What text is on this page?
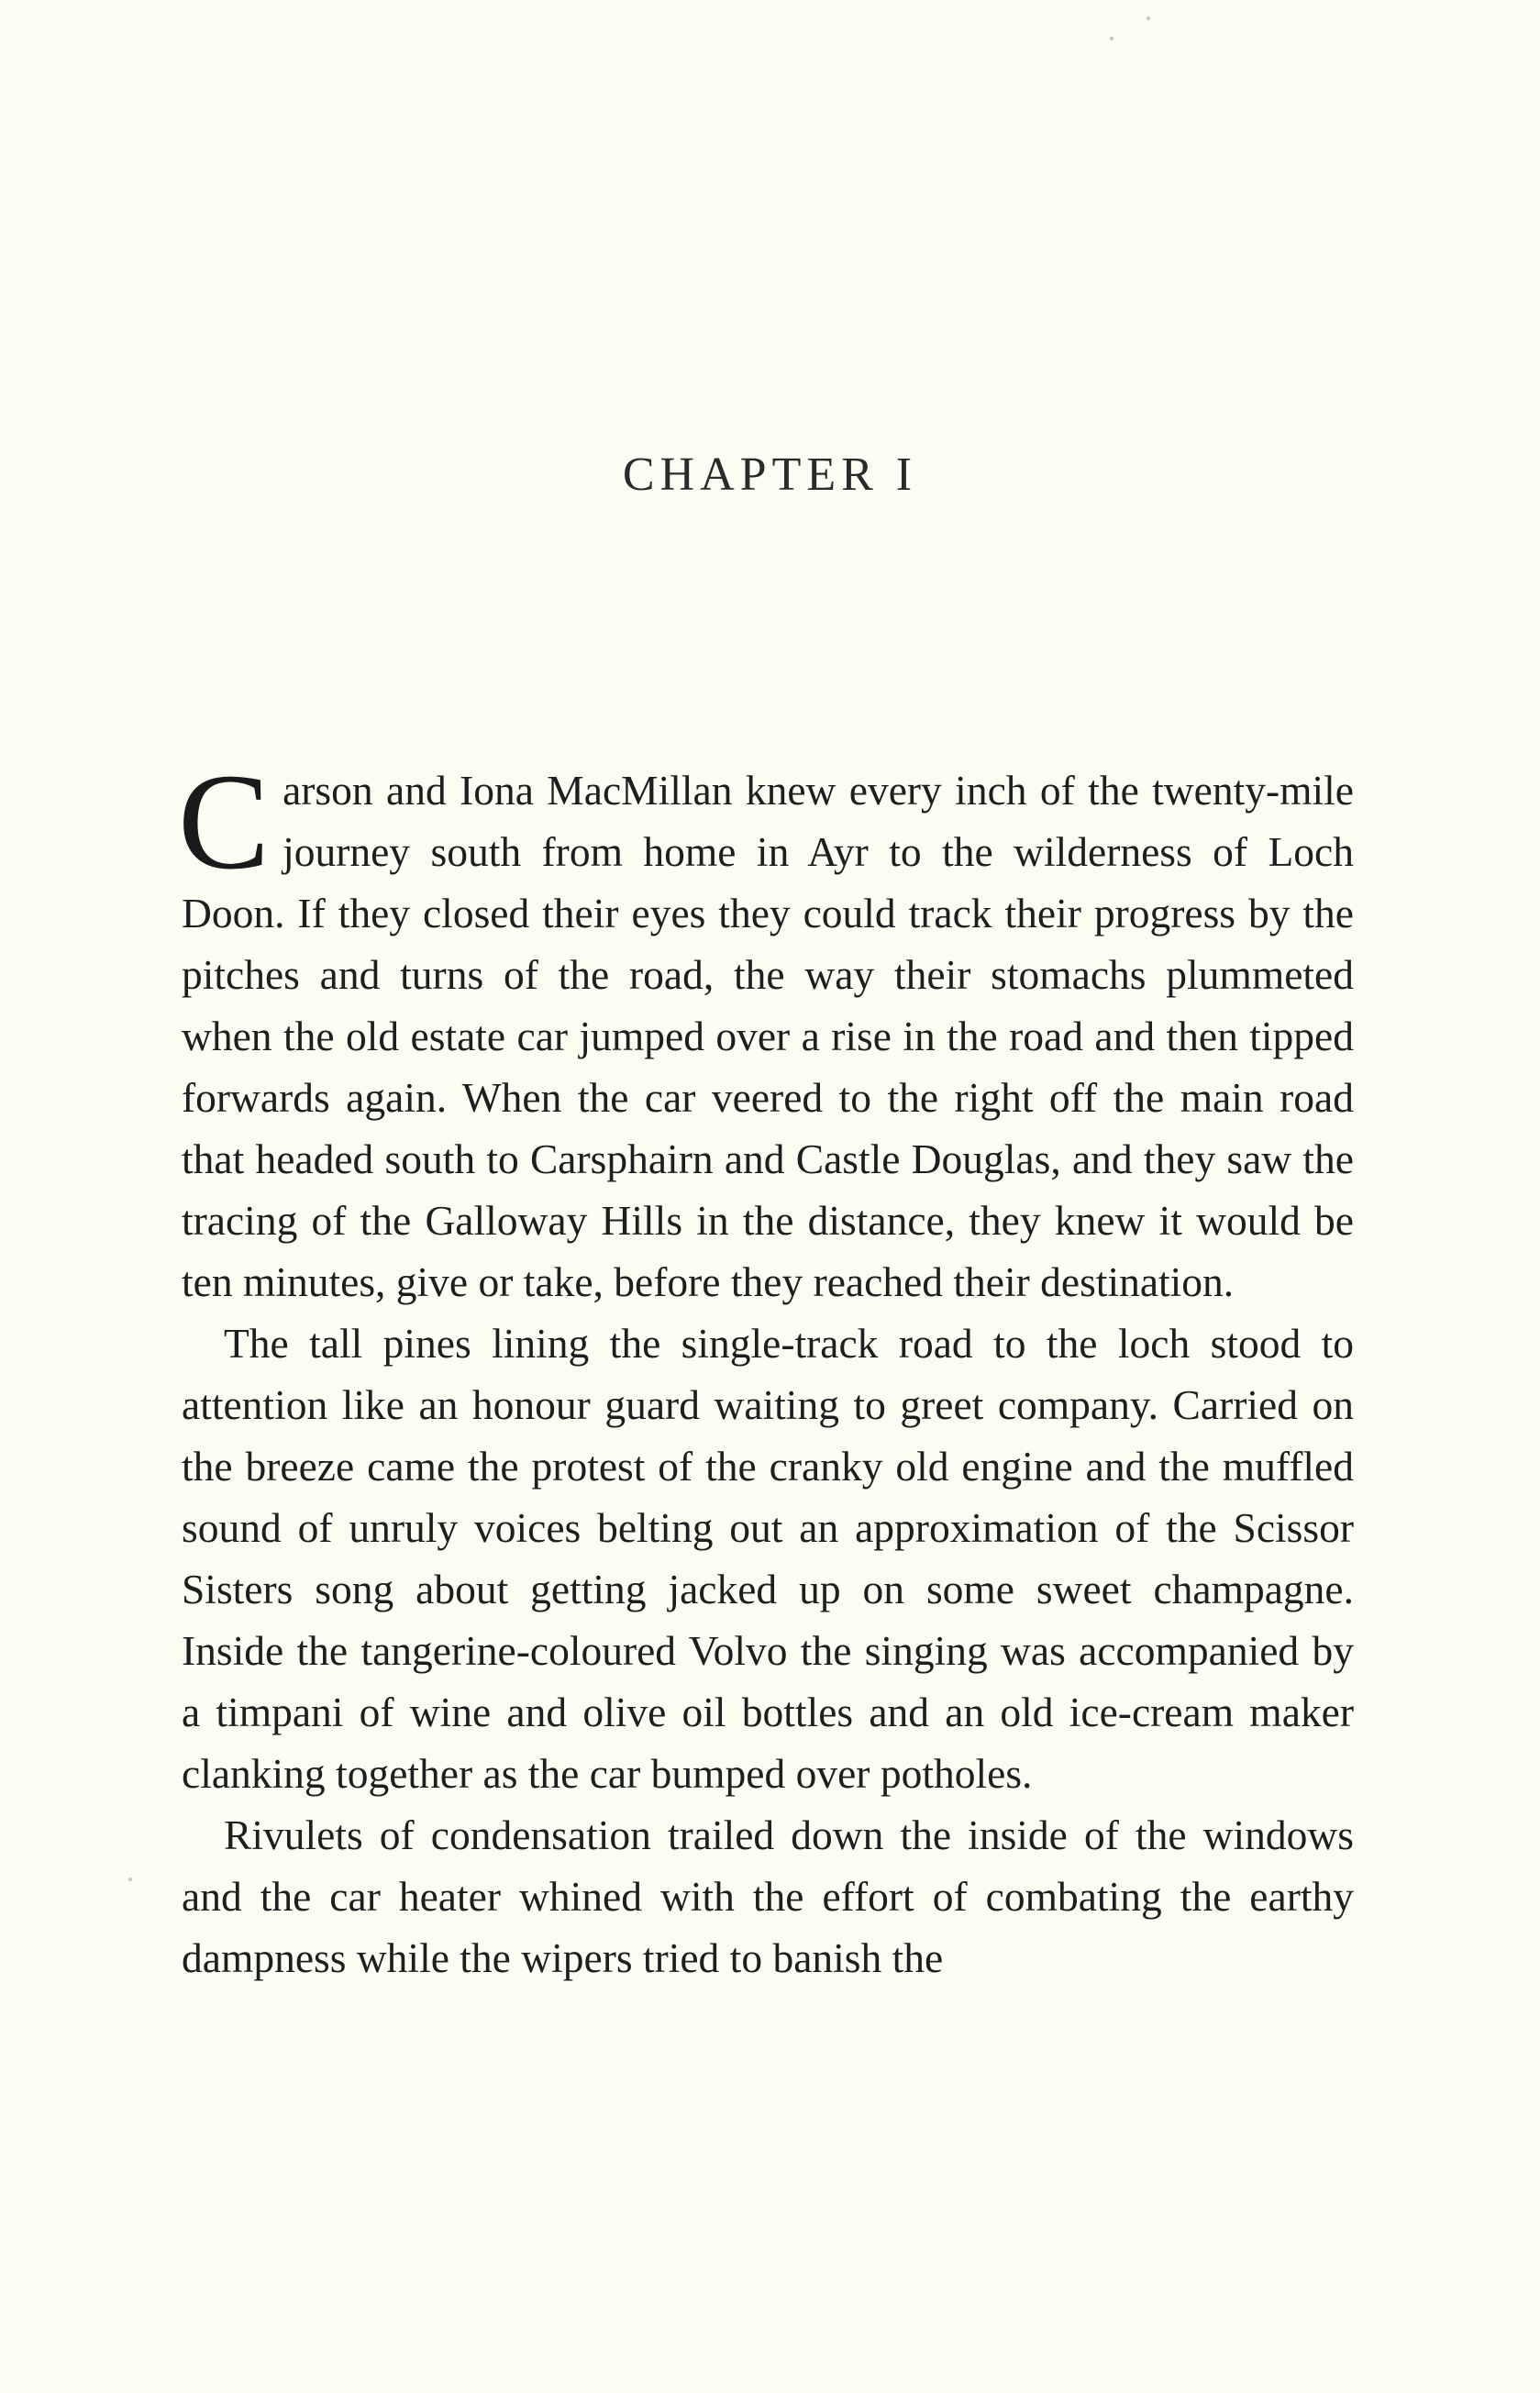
CHAPTER I

Carson and Iona MacMillan knew every inch of the twenty-mile journey south from home in Ayr to the wilderness of Loch Doon. If they closed their eyes they could track their progress by the pitches and turns of the road, the way their stomachs plummeted when the old estate car jumped over a rise in the road and then tipped forwards again. When the car veered to the right off the main road that headed south to Carsphairn and Castle Douglas, and they saw the tracing of the Galloway Hills in the distance, they knew it would be ten minutes, give or take, before they reached their destination.

The tall pines lining the single-track road to the loch stood to attention like an honour guard waiting to greet company. Carried on the breeze came the protest of the cranky old engine and the muffled sound of unruly voices belting out an approximation of the Scissor Sisters song about getting jacked up on some sweet champagne. Inside the tangerine-coloured Volvo the singing was accompanied by a timpani of wine and olive oil bottles and an old ice-cream maker clanking together as the car bumped over potholes.

Rivulets of condensation trailed down the inside of the windows and the car heater whined with the effort of combating the earthy dampness while the wipers tried to banish the
